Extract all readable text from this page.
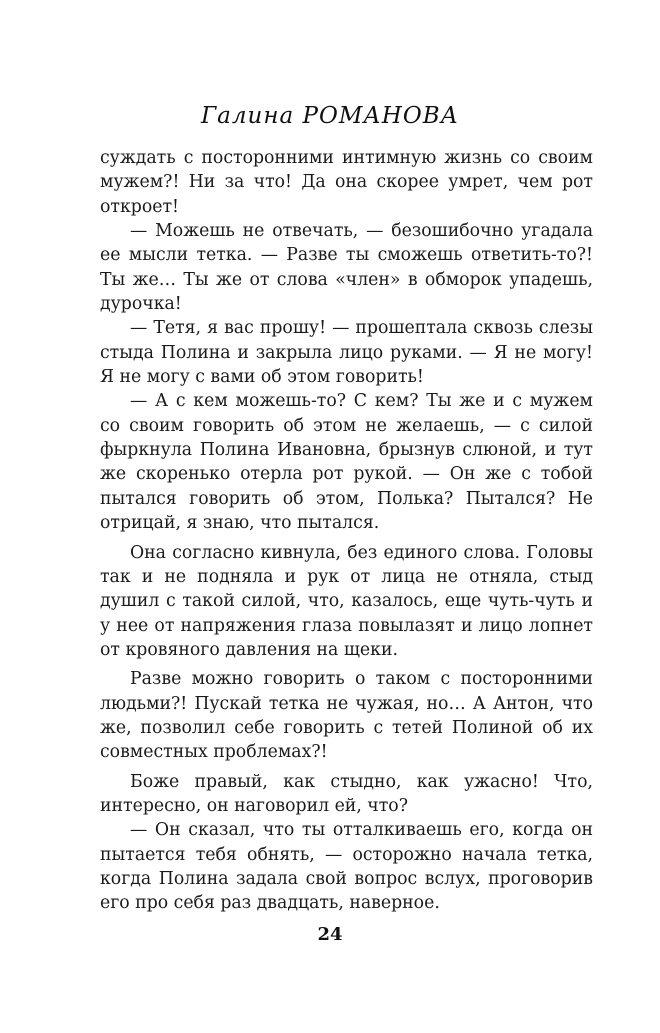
Галина РОМАНОВА

суждать с посторонними интимную жизнь со своим мужем?! Ни за что! Да она скорее умрет, чем рот откроет!

— Можешь не отвечать, — безошибочно угадала ее мысли тетка. — Разве ты сможешь ответить-то?! Ты же… Ты же от слова «член» в обморок упадешь, дурочка!

— Тетя, я вас прошу! — прошептала сквозь слезы стыда Полина и закрыла лицо руками. — Я не могу! Я не могу с вами об этом говорить!

— А с кем можешь-то? С кем? Ты же и с мужем со своим говорить об этом не желаешь, — с силой фыркнула Полина Ивановна, брызнув слюной, и тут же скоренько отерла рот рукой. — Он же с тобой пытался говорить об этом, Полька? Пытался? Не отрицай, я знаю, что пытался.

Она согласно кивнула, без единого слова. Головы так и не подняла и рук от лица не отняла, стыд душил с такой силой, что, казалось, еще чуть-чуть и у нее от напряжения глаза повылазят и лицо лопнет от кровяного давления на щеки.

Разве можно говорить о таком с посторонними людьми?! Пускай тетка не чужая, но… А Антон, что же, позволил себе говорить с тетей Полиной об их совместных проблемах?!

Боже правый, как стыдно, как ужасно! Что, интересно, он наговорил ей, что?

— Он сказал, что ты отталкиваешь его, когда он пытается тебя обнять, — осторожно начала тетка, когда Полина задала свой вопрос вслух, проговорив его про себя раз двадцать, наверное.

24
